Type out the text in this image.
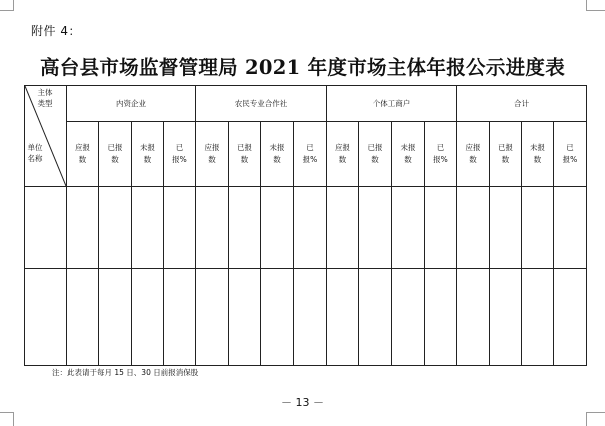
附件 4：
高台县市场监督管理局 2021 年度市场主体年报公示进度表
主体类型
单位名称	内资企业				农民专业合作社				个体工商户				合计			

	应报数	已报数	未报数	已报%	应报数	已报数	未报数	已报%	应报数	已报数	未报数	已报%	应报数	已报数	未报数	已报%

注：此表请于每月 15 日、30 日前报消保股
－ 13 －
